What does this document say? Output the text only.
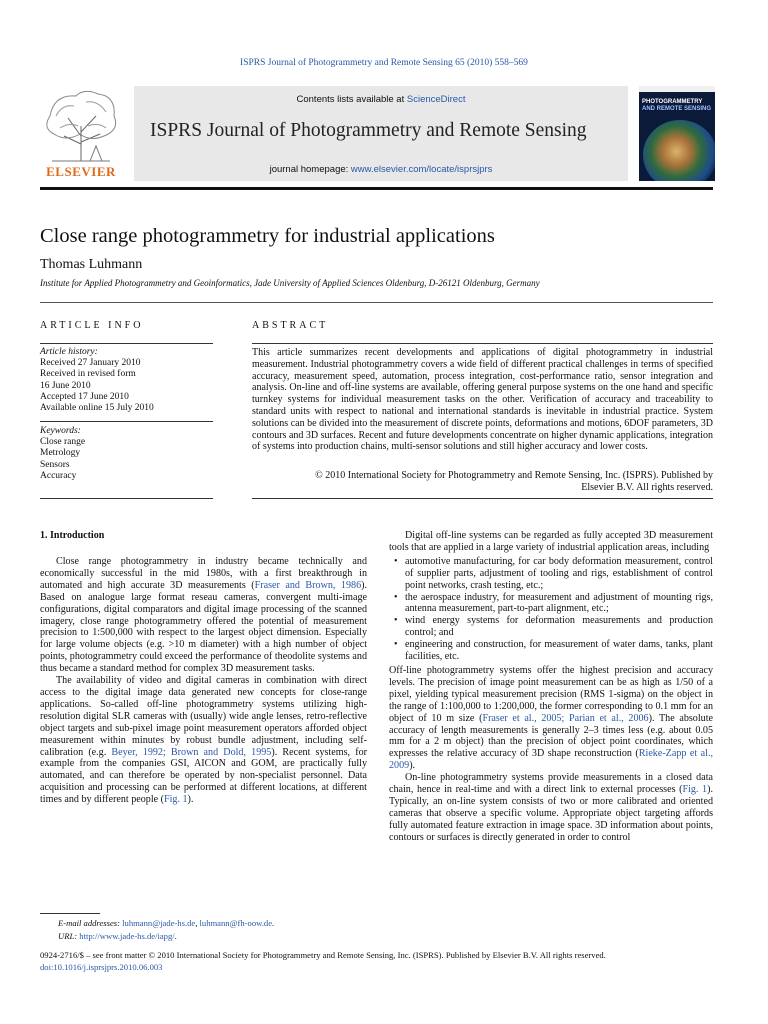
ISPRS Journal of Photogrammetry and Remote Sensing 65 (2010) 558–569
ELSEVIER
Contents lists available at ScienceDirect
ISPRS Journal of Photogrammetry and Remote Sensing
journal homepage: www.elsevier.com/locate/isprsjprs
PHOTOGRAMMETRY
AND REMOTE SENSING
Close range photogrammetry for industrial applications
Thomas Luhmann
Institute for Applied Photogrammetry and Geoinformatics, Jade University of Applied Sciences Oldenburg, D-26121 Oldenburg, Germany
ARTICLE INFO
Article history:
Received 27 January 2010
Received in revised form
16 June 2010
Accepted 17 June 2010
Available online 15 July 2010
Keywords:
Close range
Metrology
Sensors
Accuracy
ABSTRACT
This article summarizes recent developments and applications of digital photogrammetry in industrial measurement. Industrial photogrammetry covers a wide field of different practical challenges in terms of specified accuracy, measurement speed, automation, process integration, cost-performance ratio, sensor integration and analysis. On-line and off-line systems are available, offering general purpose systems on the one hand and specific turnkey systems for individual measurement tasks on the other. Verification of accuracy and traceability to standard units with respect to national and international standards is inevitable in industrial practice. System solutions can be divided into the measurement of discrete points, deformations and motions, 6DOF parameters, 3D contours and 3D surfaces. Recent and future developments concentrate on higher dynamic applications, integration of systems into production chains, multi-sensor solutions and still higher accuracy and lower costs.
© 2010 International Society for Photogrammetry and Remote Sensing, Inc. (ISPRS). Published by
Elsevier B.V. All rights reserved.
1. Introduction

Close range photogrammetry in industry became technically and economically successful in the mid 1980s, with a first breakthrough in automated and high accurate 3D measurements (Fraser and Brown, 1986). Based on analogue large format reseau cameras, convergent multi-image configurations, digital comparators and digital image processing of the scanned imagery, close range photogrammetry offered the potential of measurement precision to 1:500,000 with respect to the largest object dimension. Especially for large volume objects (e.g. >10 m diameter) with a high number of object points, photogrammetry could exceed the performance of theodolite systems and thus became a standard method for complex 3D measurement tasks.

The availability of video and digital cameras in combination with direct access to the digital image data generated new concepts for close-range applications. So-called off-line photogrammetry systems utilizing high-resolution digital SLR cameras with (usually) wide angle lenses, retro-reflective object targets and sub-pixel image point measurement operators afforded object measurement within minutes by robust bundle adjustment, including self-calibration (e.g. Beyer, 1992; Brown and Dold, 1995). Recent systems, for example from the companies GSI, AICON and GOM, are practically fully automated, and can therefore be operated by non-specialist personnel. Data acquisition and processing can be performed at different locations, at different times and by different people (Fig. 1).

Digital off-line systems can be regarded as fully accepted 3D measurement tools that are applied in a large variety of industrial application areas, including

• automotive manufacturing, for car body deformation measurement, control of supplier parts, adjustment of tooling and rigs, establishment of control point networks, crash testing, etc.;
• the aerospace industry, for measurement and adjustment of mounting rigs, antenna measurement, part-to-part alignment, etc.;
• wind energy systems for deformation measurements and production control; and
• engineering and construction, for measurement of water dams, tanks, plant facilities, etc.

Off-line photogrammetry systems offer the highest precision and accuracy levels. The precision of image point measurement can be as high as 1/50 of a pixel, yielding typical measurement precision (RMS 1-sigma) on the object in the range of 1:100,000 to 1:200,000, the former corresponding to 0.1 mm for an object of 10 m size (Fraser et al., 2005; Parian et al., 2006). The absolute accuracy of length measurements is generally 2–3 times less (e.g. about 0.05 mm for a 2 m object) than the precision of object point coordinates, which expresses the relative accuracy of 3D shape reconstruction (Rieke-Zapp et al., 2009).

On-line photogrammetry systems provide measurements in a closed data chain, hence in real-time and with a direct link to external processes (Fig. 1). Typically, an on-line system consists of two or more calibrated and oriented cameras that observe a specific volume. Appropriate object targeting affords fully automated feature extraction in image space. 3D information about points, contours or surfaces is directly generated in order to control

E-mail addresses: luhmann@jade-hs.de, luhmann@fh-oow.de.
URL: http://www.jade-hs.de/iapg/.
0924-2716/$ – see front matter © 2010 International Society for Photogrammetry and Remote Sensing, Inc. (ISPRS). Published by Elsevier B.V. All rights reserved.
doi:10.1016/j.isprsjprs.2010.06.003
